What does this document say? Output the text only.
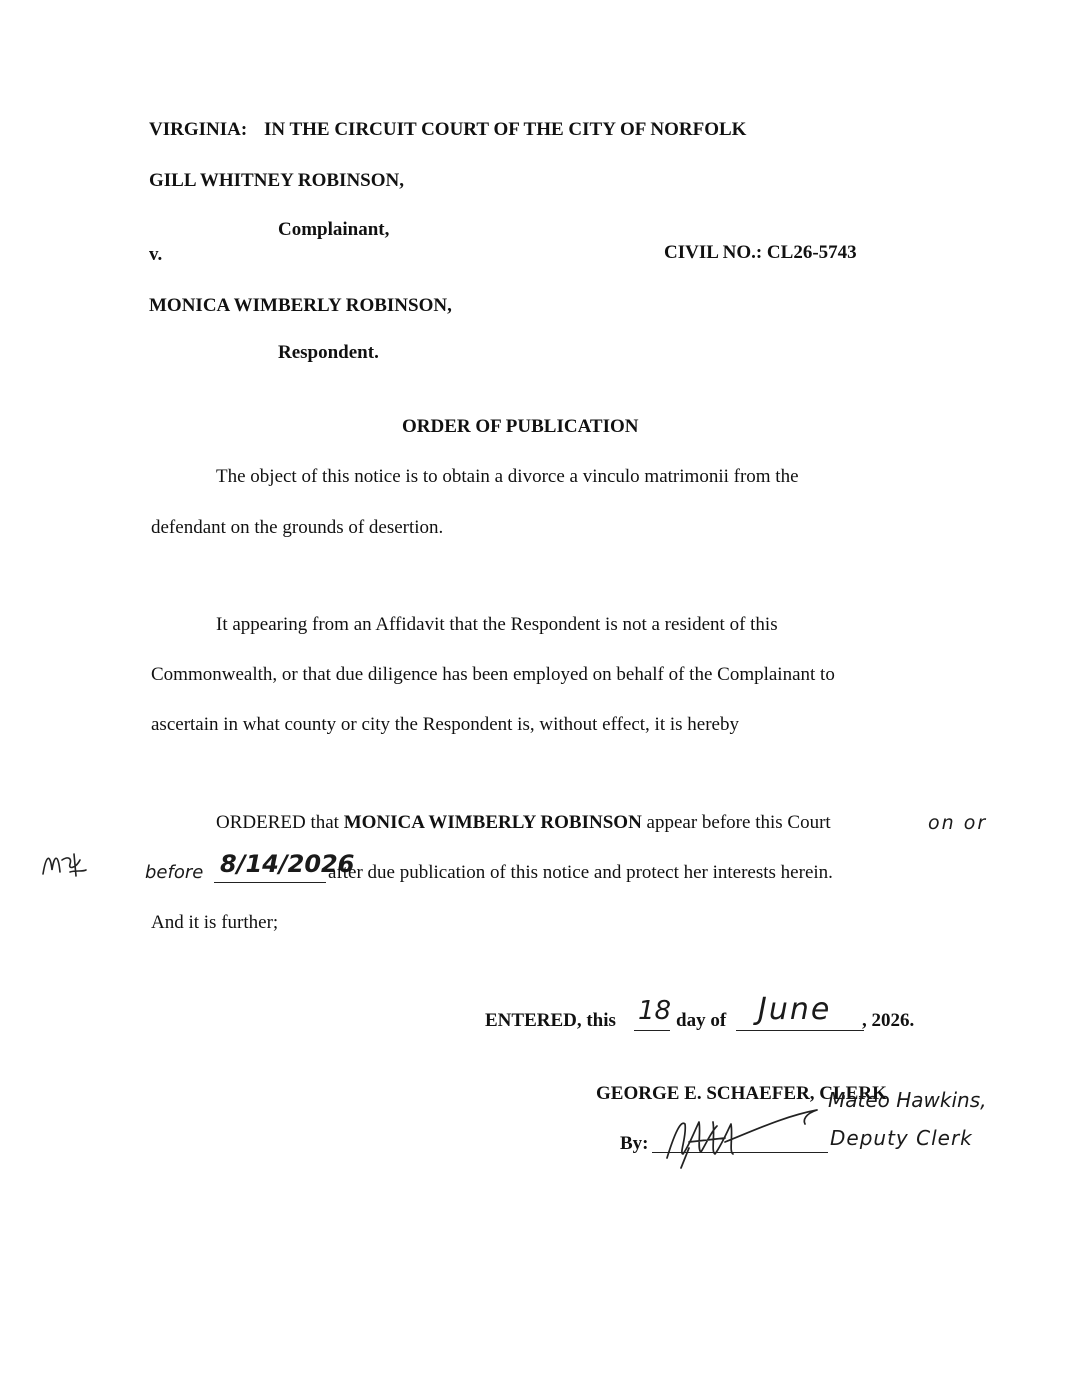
VIRGINIA: IN THE CIRCUIT COURT OF THE CITY OF NORFOLK
GILL WHITNEY ROBINSON,
Complainant,
v.	CIVIL NO.: CL26-5743
MONICA WIMBERLY ROBINSON,
Respondent.
ORDER OF PUBLICATION
The object of this notice is to obtain a divorce a vinculo matrimonii from the
defendant on the grounds of desertion.
It appearing from an Affidavit that the Respondent is not a resident of this
Commonwealth, or that due diligence has been employed on behalf of the Complainant to
ascertain in what county or city the Respondent is, without effect, it is hereby
ORDERED that MONICA WIMBERLY ROBINSON appear before this Court	on or
before 8/14/2026
after due publication of this notice and protect her interests herein.
And it is further;
ENTERED, this 18 day of June , 2026.
GEORGE E. SCHAEFER, CLERK
By:
Mateo Hawkins,
Deputy Clerk
